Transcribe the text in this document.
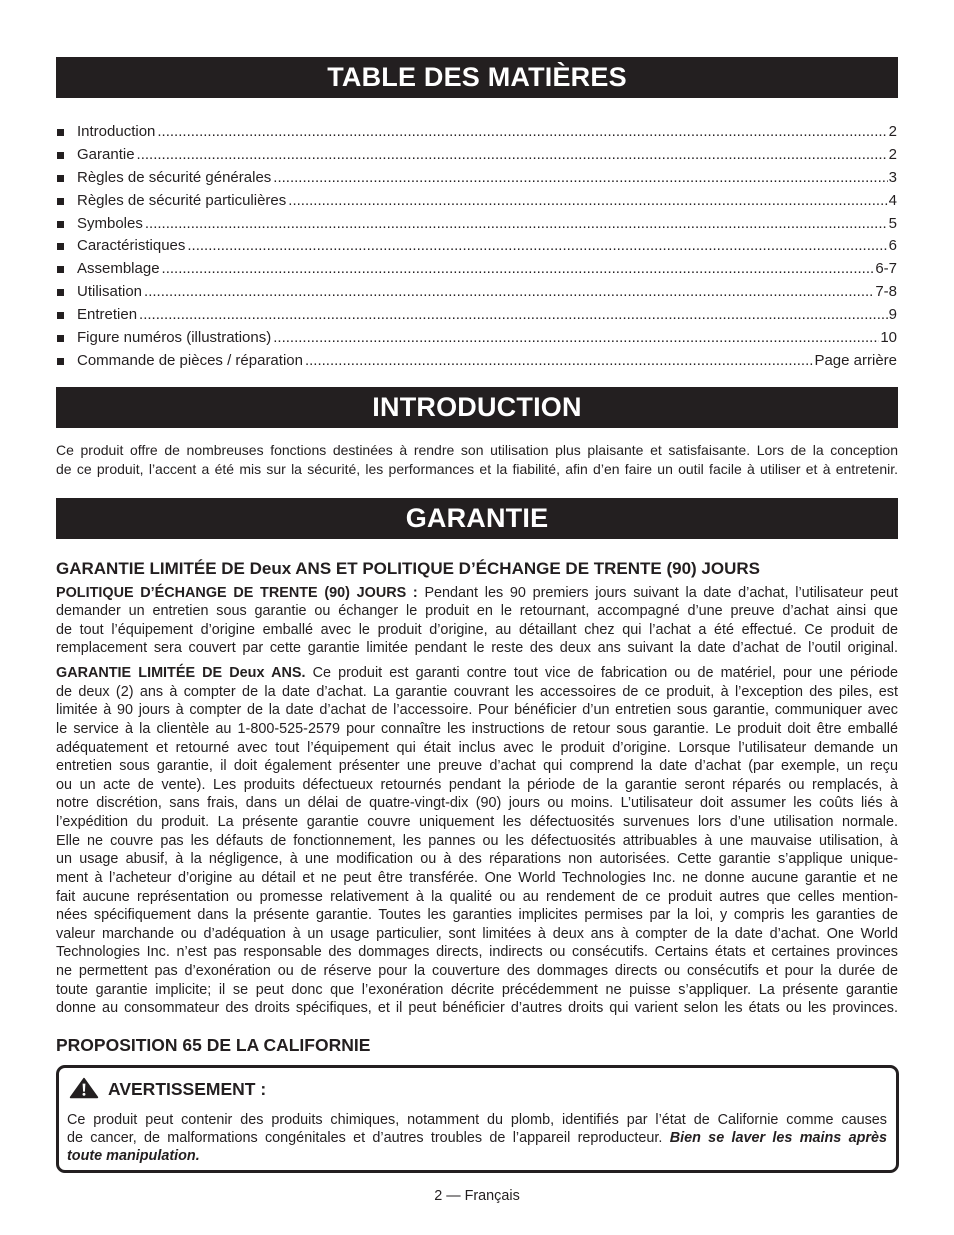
TABLE DES MATIÈRES
Introduction .....	2
Garantie .....	2
Règles de sécurité générales .....	3
Règles de sécurité particulières .....	4
Symboles .....	5
Caractéristiques .....	6
Assemblage .....	6-7
Utilisation .....	7-8
Entretien .....	9
Figure numéros (illustrations) .....	10
Commande de pièces / réparation .....	Page arrière
INTRODUCTION
Ce produit offre de nombreuses fonctions destinées à rendre son utilisation plus plaisante et satisfaisante. Lors de la conception
de ce produit, l’accent a été mis sur la sécurité, les performances et la fiabilité, afin d’en faire un outil facile à utiliser et à entretenir.
GARANTIE
GARANTIE LIMITÉE DE Deux ANS ET POLITIQUE D’ÉCHANGE DE TRENTE (90) JOURS
POLITIQUE D’ÉCHANGE DE TRENTE (90) JOURS : Pendant les 90 premiers jours suivant la date d’achat, l’utilisateur peut
demander un entretien sous garantie ou échanger le produit en le retournant, accompagné d’une preuve d’achat ainsi que
de tout l’équipement d’origine emballé avec le produit d’origine, au détaillant chez qui l’achat a été effectué. Ce produit de
remplacement sera couvert par cette garantie limitée pendant le reste des deux ans suivant la date d’achat de l’outil original.
GARANTIE LIMITÉE DE Deux ANS. Ce produit est garanti contre tout vice de fabrication ou de matériel, pour une période
de deux (2) ans à compter de la date d’achat. La garantie couvrant les accessoires de ce produit, à l’exception des piles, est
limitée à 90 jours à compter de la date d’achat de l’accessoire. Pour bénéficier d’un entretien sous garantie, communiquer avec
le service à la clientèle au 1-800-525-2579 pour connaître les instructions de retour sous garantie. Le produit doit être emballé
adéquatement et retourné avec tout l’équipement qui était inclus avec le produit d’origine. Lorsque l’utilisateur demande un
entretien sous garantie, il doit également présenter une preuve d’achat qui comprend la date d’achat (par exemple, un reçu
ou un acte de vente). Les produits défectueux retournés pendant la période de la garantie seront réparés ou remplacés, à
notre discrétion, sans frais, dans un délai de quatre-vingt-dix (90) jours ou moins. L’utilisateur doit assumer les coûts liés à
l’expédition du produit. La présente garantie couvre uniquement les défectuosités survenues lors d’une utilisation normale.
Elle ne couvre pas les défauts de fonctionnement, les pannes ou les défectuosités attribuables à une mauvaise utilisation, à
un usage abusif, à la négligence, à une modification ou à des réparations non autorisées. Cette garantie s’applique unique-
ment à l’acheteur d’origine au détail et ne peut être transférée. One World Technologies Inc. ne donne aucune garantie et ne
fait aucune représentation ou promesse relativement à la qualité ou au rendement de ce produit autres que celles mention-
nées spécifiquement dans la présente garantie. Toutes les garanties implicites permises par la loi, y compris les garanties de
valeur marchande ou d’adéquation à un usage particulier, sont limitées à deux ans à compter de la date d’achat. One World
Technologies Inc. n’est pas responsable des dommages directs, indirects ou consécutifs. Certains états et certaines provinces
ne permettent pas d’exonération ou de réserve pour la couverture des dommages directs ou consécutifs et pour la durée de
toute garantie implicite; il se peut donc que l’exonération décrite précédemment ne puisse s’appliquer. La présente garantie
donne au consommateur des droits spécifiques, et il peut bénéficier d’autres droits qui varient selon les états ou les provinces.
PROPOSITION 65 DE LA CALIFORNIE
AVERTISSEMENT :
Ce produit peut contenir des produits chimiques, notamment du plomb, identifiés par l’état de Californie comme causes
de cancer, de malformations congénitales et d’autres troubles de l’appareil reproducteur. Bien se laver les mains après
toute manipulation.
2 — Français
